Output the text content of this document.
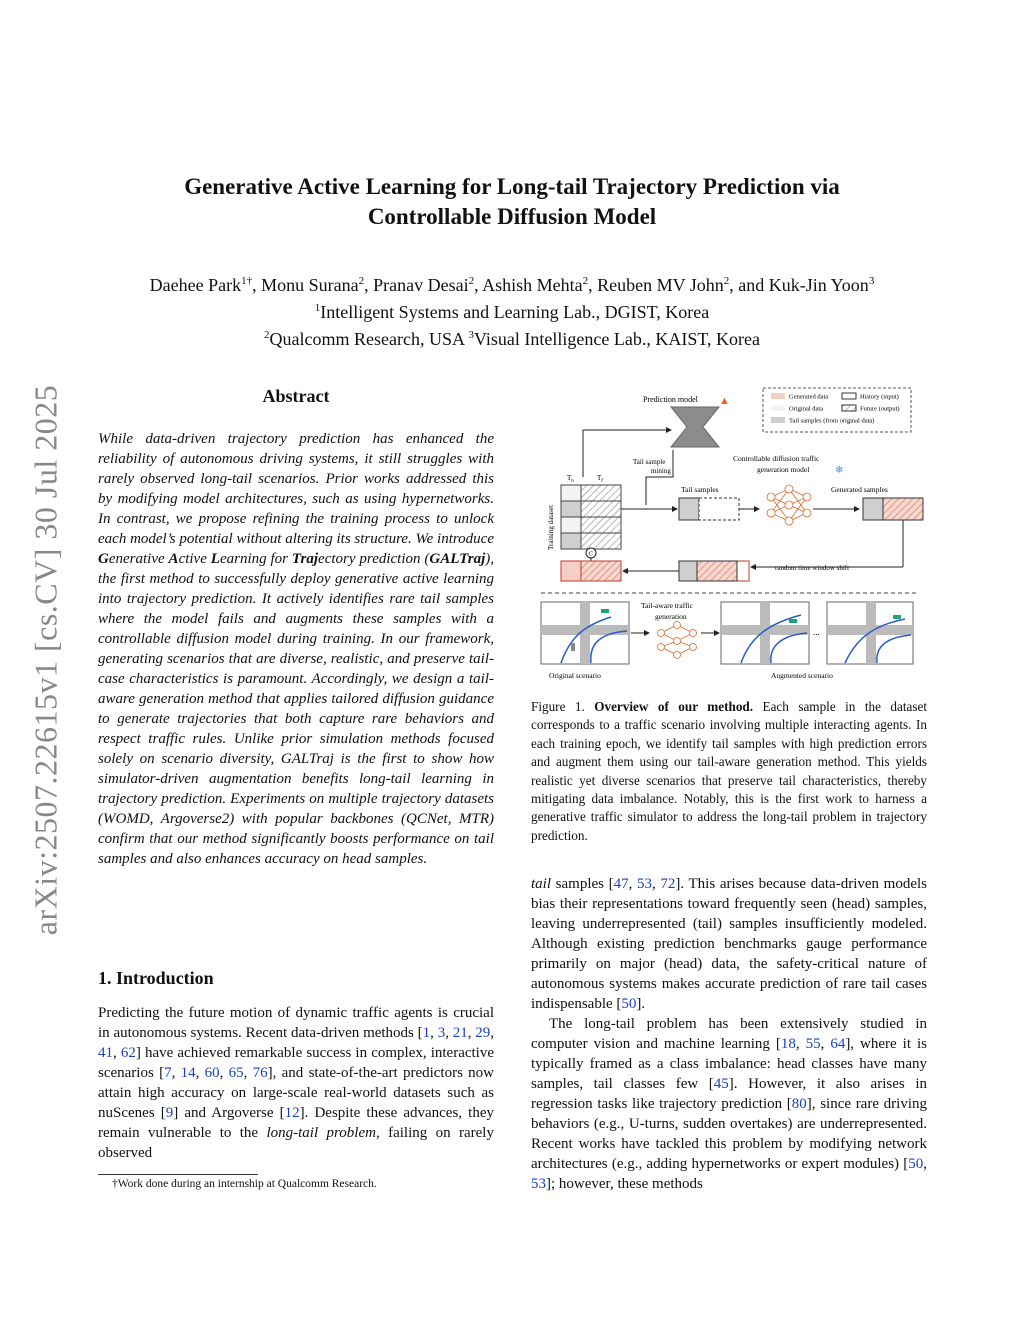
arXiv:2507.22615v1 [cs.CV] 30 Jul 2025
Generative Active Learning for Long-tail Trajectory Prediction via
Controllable Diffusion Model
Daehee Park$^{1\dagger}$, Monu Surana$^2$, Pranav Desai$^2$, Ashish Mehta$^2$, Reuben MV John$^2$, and Kuk-Jin Yoon$^3$
$^1$Intelligent Systems and Learning Lab., DGIST, Korea
$^2$Qualcomm Research, USA $^3$Visual Intelligence Lab., KAIST, Korea
Abstract
While data-driven trajectory prediction has enhanced the reliability of autonomous driving systems, it still struggles with rarely observed long-tail scenarios. Prior works addressed this by modifying model architectures, such as using hypernetworks. In contrast, we propose refining the training process to unlock each model’s potential without altering its structure. We introduce Generative Active Learning for Trajectory prediction (GALTraj), the first method to successfully deploy generative active learning into trajectory prediction. It actively identifies rare tail samples where the model fails and augments these samples with a controllable diffusion model during training. In our framework, generating scenarios that are diverse, realistic, and preserve tail-case characteristics is paramount. Accordingly, we design a tail-aware generation method that applies tailored diffusion guidance to generate trajectories that both capture rare behaviors and respect traffic rules. Unlike prior simulation methods focused solely on scenario diversity, GALTraj is the first to show how simulator-driven augmentation benefits long-tail learning in trajectory prediction. Experiments on multiple trajectory datasets (WOMD, Argoverse2) with popular backbones (QCNet, MTR) confirm that our method significantly boosts performance on tail samples and also enhances accuracy on head samples.
1. Introduction
Predicting the future motion of dynamic traffic agents is crucial in autonomous systems. Recent data-driven methods [1, 3, 21, 29, 41, 62] have achieved remarkable success in complex, interactive scenarios [7, 14, 60, 65, 76], and state-of-the-art predictors now attain high accuracy on large-scale real-world datasets such as nuScenes [9] and Argoverse [12]. Despite these advances, they remain vulnerable to the long-tail problem, failing on rarely observed
†Work done during an internship at Qualcomm Research.
Generated data	History (input)
Original data	Future (output)
Tail samples (from original data)
Prediction model ▲
Tail sample
mining
Controllable diffusion traffic
generation model	❄
$T_h$	$T_f$
Training dataset
Tail samples	Generated samples
random time window shift
C
Original scenario
Tail-aware traffic
generation
...
Augmented scenario
Figure 1. Overview of our method. Each sample in the dataset corresponds to a traffic scenario involving multiple interacting agents. In each training epoch, we identify tail samples with high prediction errors and augment them using our tail-aware generation method. This yields realistic yet diverse scenarios that preserve tail characteristics, thereby mitigating data imbalance. Notably, this is the first work to harness a generative traffic simulator to address the long-tail problem in trajectory prediction.

tail samples [47, 53, 72]. This arises because data-driven models bias their representations toward frequently seen (head) samples, leaving underrepresented (tail) samples insufficiently modeled. Although existing prediction benchmarks gauge performance primarily on major (head) data, the safety-critical nature of autonomous systems makes accurate prediction of rare tail cases indispensable [50].

The long-tail problem has been extensively studied in computer vision and machine learning [18, 55, 64], where it is typically framed as a class imbalance: head classes have many samples, tail classes few [45]. However, it also arises in regression tasks like trajectory prediction [80], since rare driving behaviors (e.g., U-turns, sudden overtakes) are underrepresented. Recent works have tackled this problem by modifying network architectures (e.g., adding hypernetworks or expert modules) [50, 53]; however, these methods
